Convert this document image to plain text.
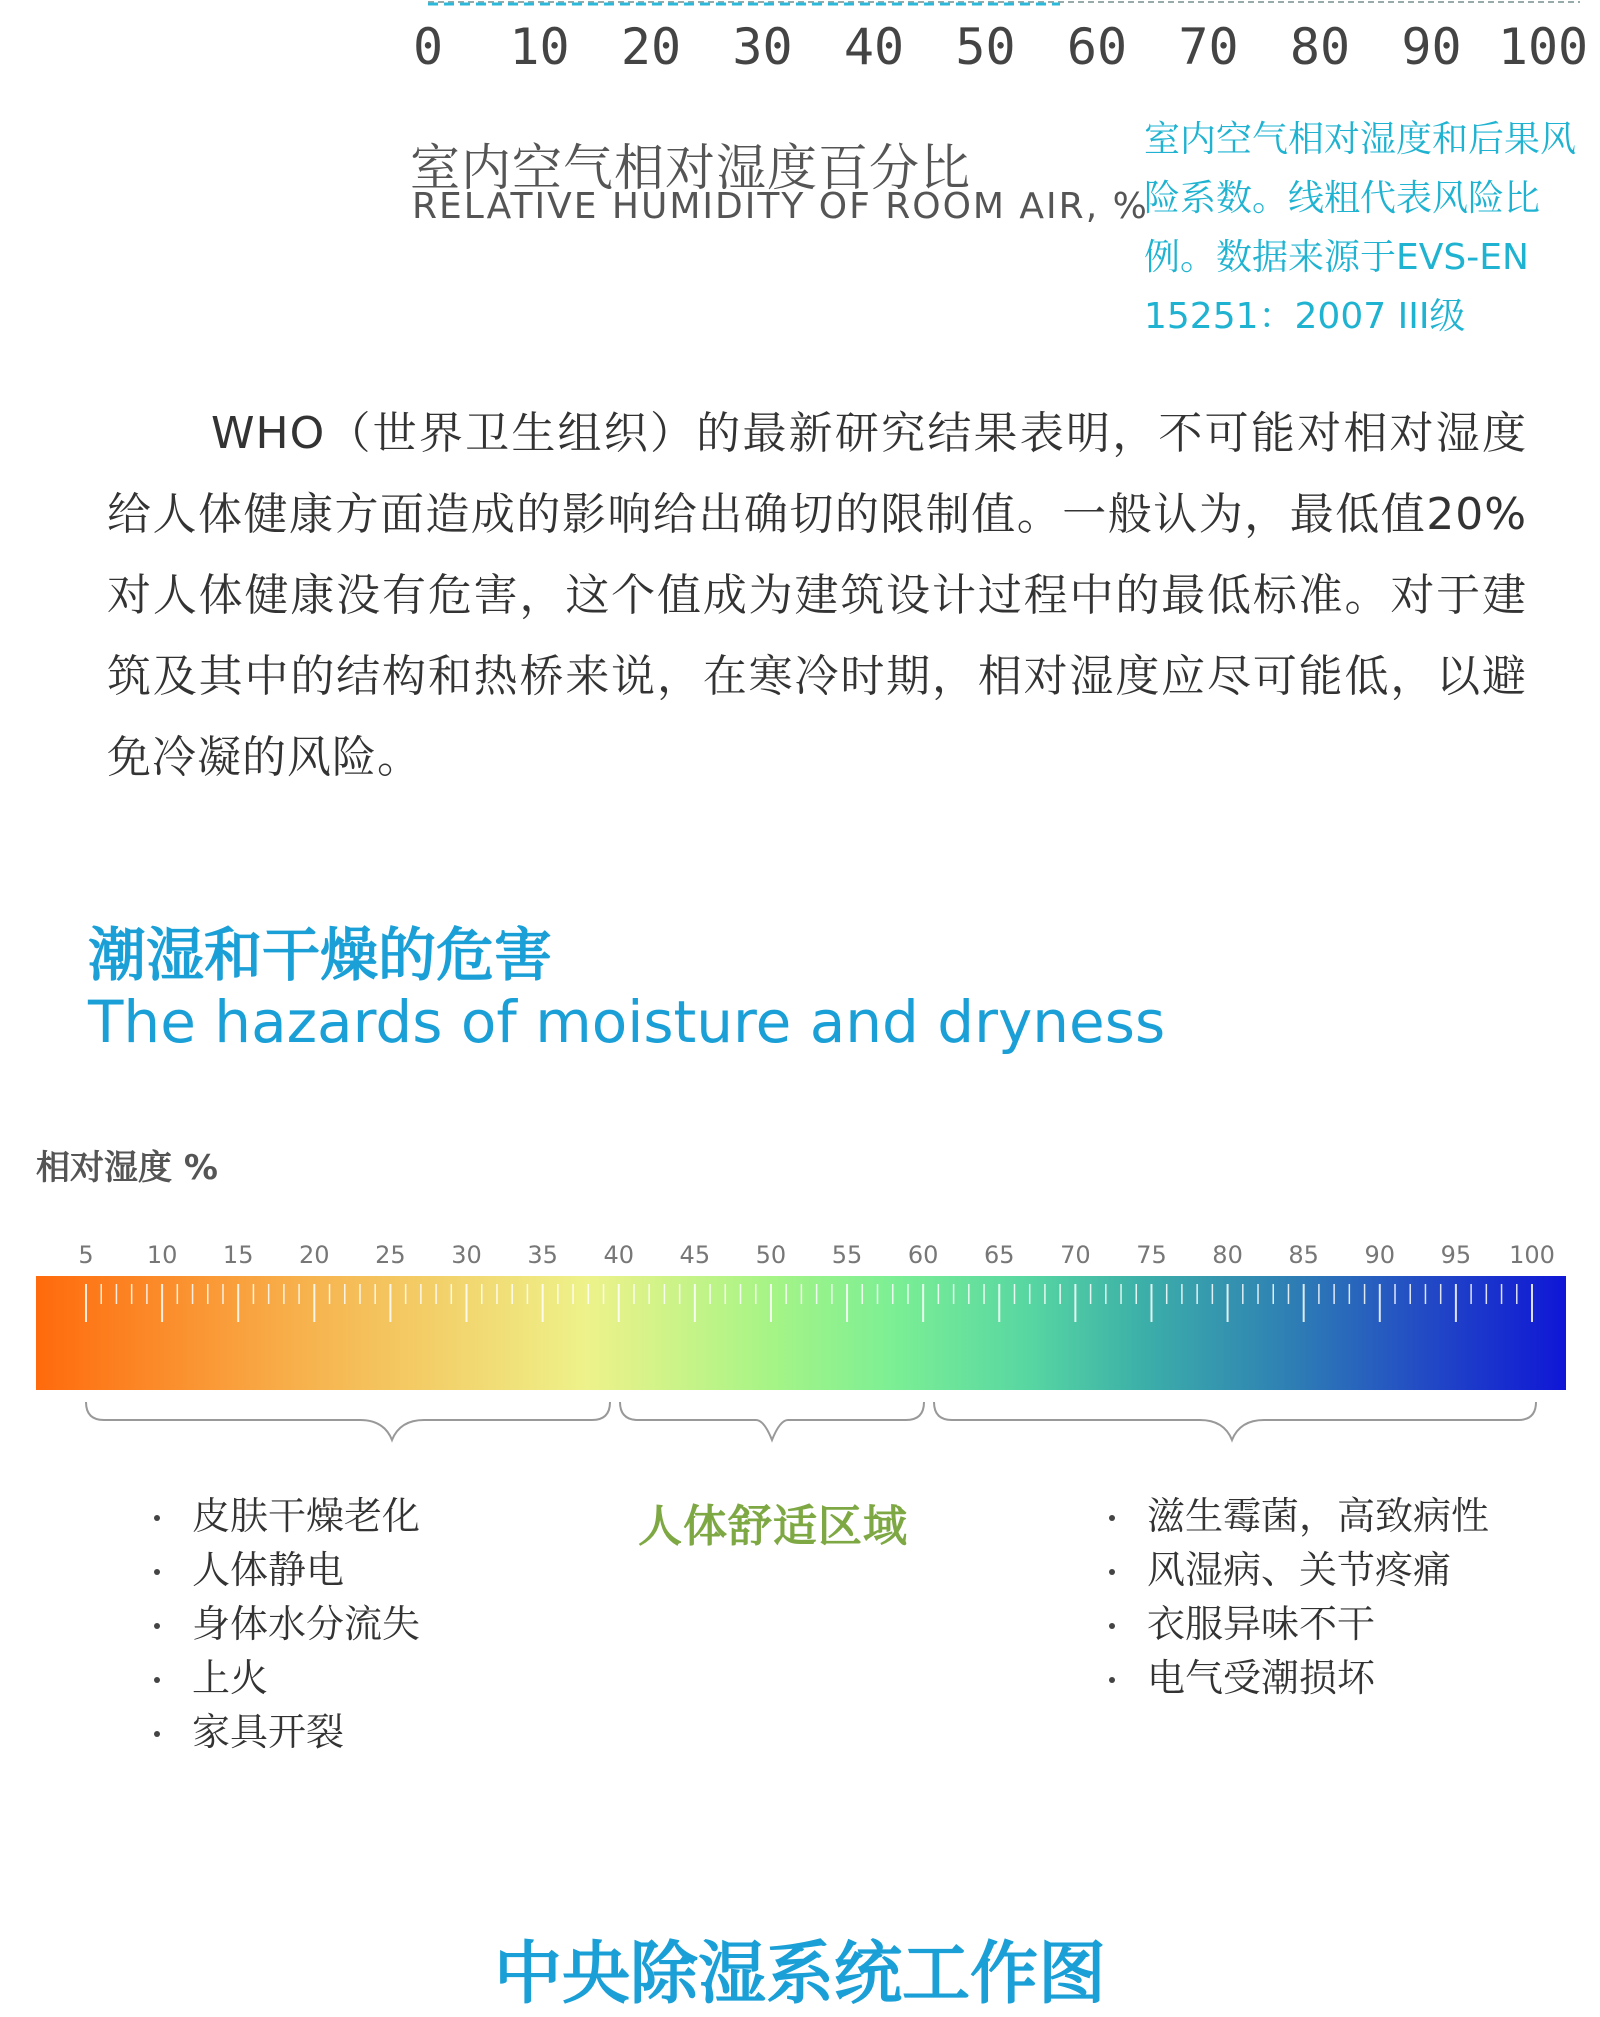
0 10 20 30 40 50 60 70 80 90 100
室内空气相对湿度百分比
RELATIVE HUMIDITY OF ROOM AIR, %
室内空气相对湿度和后果风险系数。线粗代表风险比例。数据来源于EVS-EN 15251：2007 III级
WHO（世界卫生组织）的最新研究结果表明，不可能对相对湿度给人体健康方面造成的影响给出确切的限制值。一般认为，最低值20%对人体健康没有危害，这个值成为建筑设计过程中的最低标准。对于建筑及其中的结构和热桥来说，在寒冷时期，相对湿度应尽可能低，以避免冷凝的风险。
潮湿和干燥的危害
The hazards of moisture and dryness
相对湿度 %
5 10 15 20 25 30 35 40 45 50 55 60 65 70 75 80 85 90 95 100
皮肤干燥老化
人体静电
身体水分流失
上火
家具开裂
人体舒适区域	滋生霉菌，高致病性
风湿病、关节疼痛
衣服异味不干
电气受潮损坏
中央除湿系统工作图
